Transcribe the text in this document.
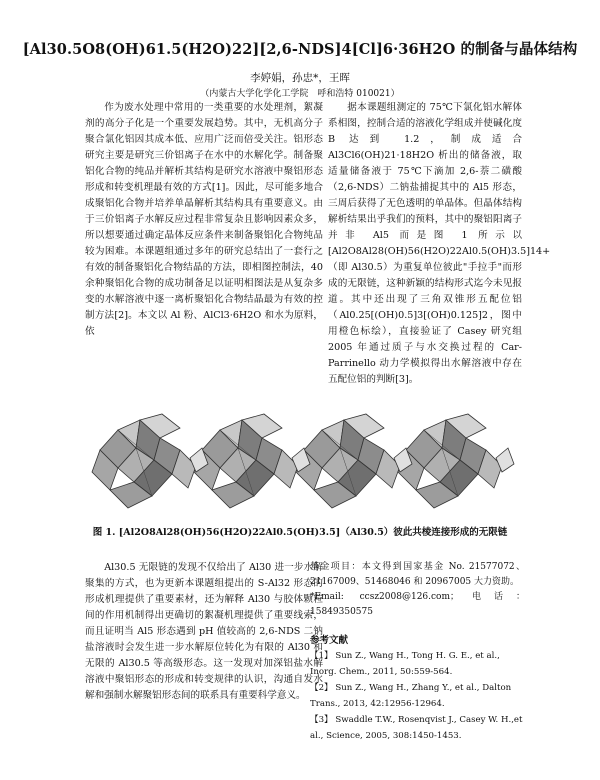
[Al30.5O8(OH)61.5(H2O)22][2,6-NDS]4[Cl]6·36H2O 的制备与晶体结构
李婷娟，孙忠*，王晖
（内蒙古大学化学化工学院　呼和浩特 010021）

作为废水处理中常用的一类重要的水处理剂，絮凝剂的高分子化是一个重要发展趋势。其中，无机高分子聚合氯化铝因其成本低、应用广泛而倍受关注。铝形态研究主要是研究三价铝离子在水中的水解化学。制备聚铝化合物的纯品并解析其结构是研究水溶液中聚铝形态形成和转变机理最有效的方式[1]。因此，尽可能多地合成聚铝化合物并培养单晶解析其结构具有重要意义。由于三价铝离子水解反应过程非常复杂且影响因素众多，所以想要通过确定晶体反应条件来制备聚铝化合物纯品较为困难。本课题组通过多年的研究总结出了一套行之有效的制备聚铝化合物结晶的方法，即相图控制法，40余种聚铝化合物的成功制备足以证明相图法是从复杂多变的水解溶液中逐一离析聚铝化合物结晶最为有效的控制方法[2]。本文以 Al 粉、AlCl3·6H2O 和水为原料，依

据本课题组测定的 75℃下氯化铝水解体系相图，控制合适的溶液化学组成并使碱化度 B 达到 1.2，制成适合 Al3Cl6(OH)21·18H2O 析出的储备液，取适量储备液于 75℃下滴加 2,6-萘二磺酸（2,6-NDS）二钠盐捕捉其中的 Al5 形态，三周后获得了无色透明的单晶体。但晶体结构解析结果出乎我们的预料，其中的聚铝阳离子并非 Al5 而是图 1 所示以 [Al2O8Al28(OH)56(H2O)22Al0.5(OH)3.5]14+（即 Al30.5）为重复单位彼此"手拉手"而形成的无限链，这种新颖的结构形式迄今未见报道。其中还出现了三角双锥形五配位铝（Al0.25[(OH)0.5]3[(OH)0.125]2，图中用橙色标绘），直接验证了 Casey 研究组 2005 年通过质子与水交换过程的 Car-Parrinello 动力学模拟得出水解溶液中存在五配位铝的判断[3]。

图 1. [Al2O8Al28(OH)56(H2O)22Al0.5(OH)3.5]（Al30.5）彼此共棱连接形成的无限链

Al30.5 无限链的发现不仅给出了 Al30 进一步水解聚集的方式，也为更新本课题组提出的 S-Al32 形态的形成机理提供了重要素材，还为解释 Al30 与胶体颗粒间的作用机制得出更确切的絮凝机理提供了重要线索，而且证明当 Al5 形态遇到 pH 值较高的 2,6-NDS 二钠盐溶液时会发生进一步水解原位转化为有限的 Al30 和无限的 Al30.5 等高级形态。这一发现对加深铝盐水解溶液中聚铝形态的形成和转变规律的认识，沟通自发水解和强制水解聚铝形态间的联系具有重要科学意义。

基金项目：本文得到国家基金 No. 21577072、21167009、51468046 和 20967005 大力资助。

*Email: ccsz2008@126.com；电话：15849350575

参考文献
【1】 Sun Z., Wang H., Tong H. G. E., et al., Inorg. Chem., 2011, 50:559-564.
【2】 Sun Z., Wang H., Zhang Y., et al., Dalton Trans., 2013, 42:12956-12964.
【3】 Swaddle T.W., Rosenqvist J., Casey W. H.,et al., Science, 2005, 308:1450-1453.
